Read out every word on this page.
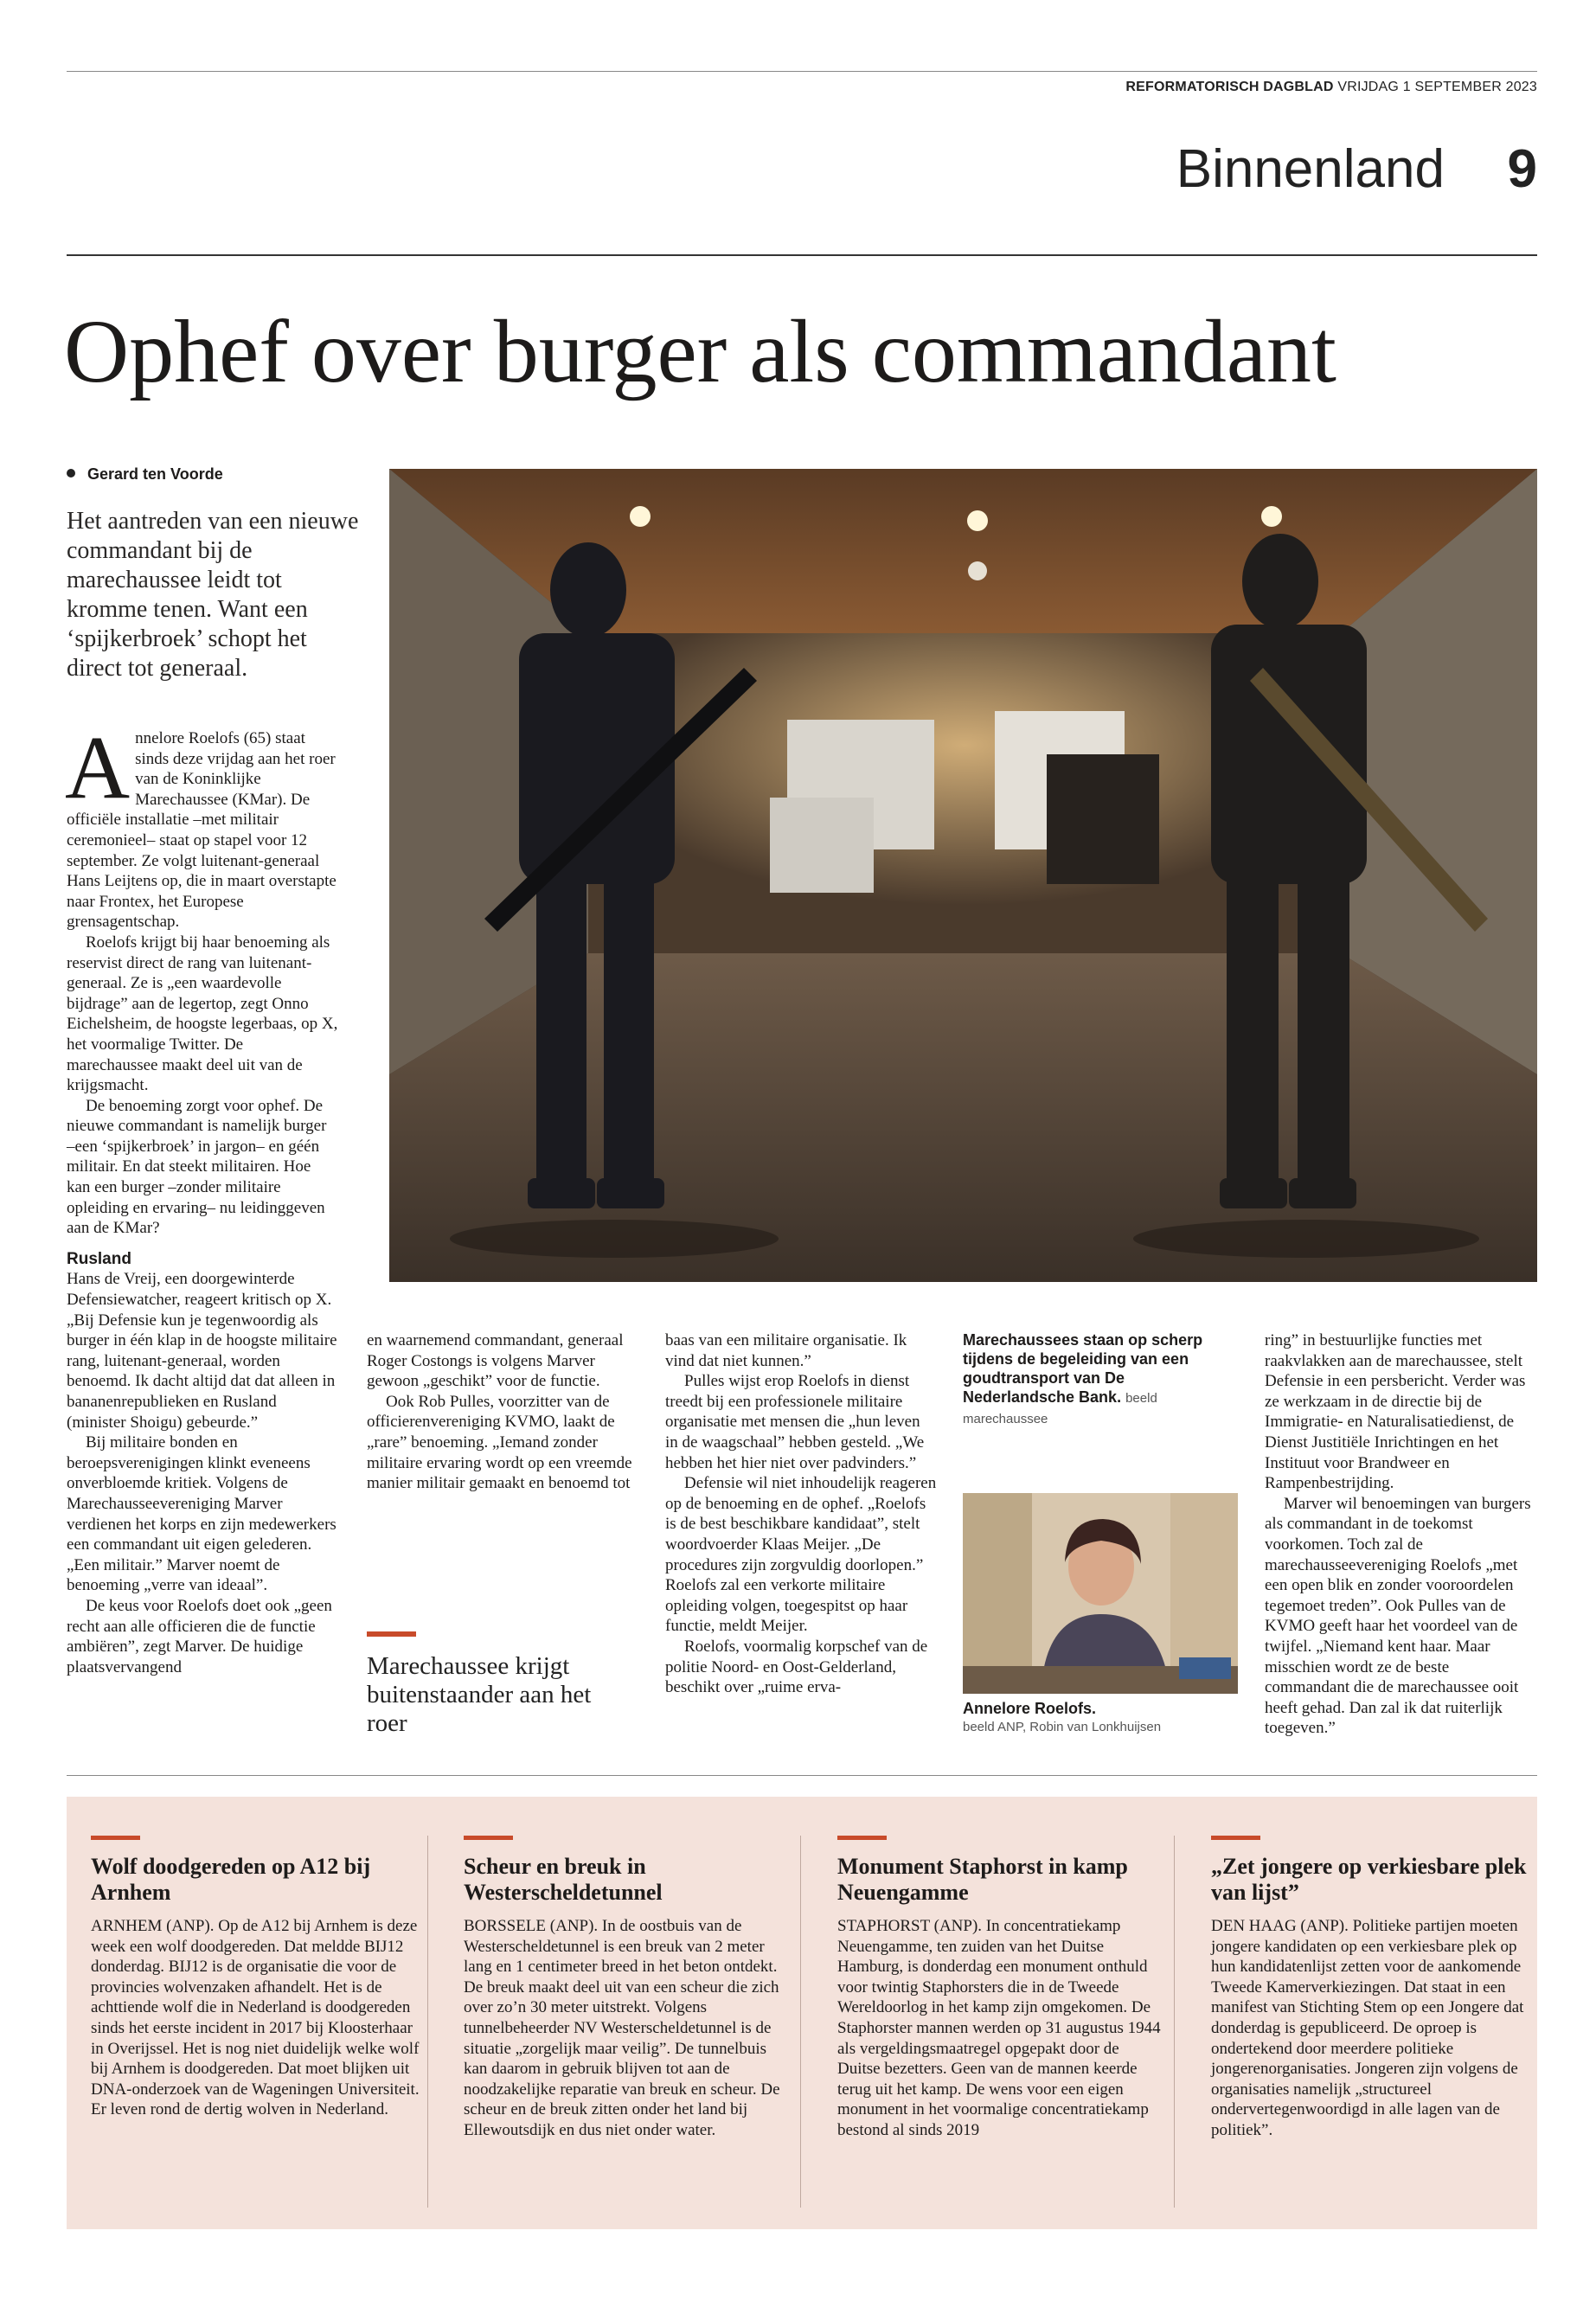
REFORMATORISCH DAGBLAD VRIJDAG 1 SEPTEMBER 2023
Binnenland 9
Ophef over burger als commandant
Gerard ten Voorde
Het aantreden van een nieuwe commandant bij de marechaussee leidt tot kromme tenen. Want een ‘spijkerbroek’ schopt het direct tot generaal.

Annelore Roelofs (65) staat sinds deze vrijdag aan het roer van de Koninklijke Marechaussee (KMar). De officiële installatie –met militair ceremonieel– staat op stapel voor 12 september. Ze volgt luitenant-generaal Hans Leijtens op, die in maart overstapte naar Frontex, het Europese grensagentschap.

Roelofs krijgt bij haar benoeming als reservist direct de rang van luitenant-generaal. Ze is „een waardevolle bijdrage” aan de legertop, zegt Onno Eichelsheim, de hoogste legerbaas, op X, het voormalige Twitter. De marechaussee maakt deel uit van de krijgsmacht.

De benoeming zorgt voor ophef. De nieuwe commandant is namelijk burger –een ‘spijkerbroek’ in jargon– en géén militair. En dat steekt militairen. Hoe kan een burger –zonder militaire opleiding en ervaring– nu leidinggeven aan de KMar?

Rusland

Hans de Vreij, een doorgewinterde Defensiewatcher, reageert kritisch op X. „Bij Defensie kun je tegenwoordig als burger in één klap in de hoogste militaire rang, luitenant-generaal, worden benoemd. Ik dacht altijd dat dat alleen in bananenrepublieken en Rusland (minister Shoigu) gebeurde.”

Bij militaire bonden en beroepsverenigingen klinkt eveneens onverbloemde kritiek. Volgens de Marechausseevereniging Marver verdienen het korps en zijn medewerkers een commandant uit eigen gelederen. „Een militair.” Marver noemt de benoeming „verre van ideaal”.

De keus voor Roelofs doet ook „geen recht aan alle officieren die de functie ambiëren”, zegt Marver. De huidige plaatsvervangend

en waarnemend commandant, generaal Roger Costongs is volgens Marver gewoon „geschikt” voor de functie.

Ook Rob Pulles, voorzitter van de officierenvereniging KVMO, laakt de „rare” benoeming. „Iemand zonder militaire ervaring wordt op een vreemde manier militair gemaakt en benoemd tot

Marechaussee krijgt buitenstaander aan het roer

baas van een militaire organisatie. Ik vind dat niet kunnen.”

Pulles wijst erop Roelofs in dienst treedt bij een professionele militaire organisatie met mensen die „hun leven in de waagschaal” hebben gesteld. „We hebben het hier niet over padvinders.”

Defensie wil niet inhoudelijk reageren op de benoeming en de ophef. „Roelofs is de best beschikbare kandidaat”, stelt woordvoerder Klaas Meijer. „De procedures zijn zorgvuldig doorlopen.” Roelofs zal een verkorte militaire opleiding volgen, toegespitst op haar functie, meldt Meijer.

Roelofs, voormalig korpschef van de politie Noord- en Oost-Gelderland, beschikt over „ruime erva-

Marechaussees staan op scherp tijdens de begeleiding van een goudtransport van De Nederlandsche Bank. beeld marechaussee
Annelore Roelofs.
beeld ANP, Robin van Lonkhuijsen

ring” in bestuurlijke functies met raakvlakken aan de marechaussee, stelt Defensie in een persbericht. Verder was ze werkzaam in de directie bij de Immigratie- en Naturalisatiedienst, de Dienst Justitiële Inrichtingen en het Instituut voor Brandweer en Rampenbestrijding.

Marver wil benoemingen van burgers als commandant in de toekomst voorkomen. Toch zal de marechausseevereniging Roelofs „met een open blik en zonder vooroordelen tegemoet treden”. Ook Pulles van de KVMO geeft haar het voordeel van de twijfel. „Niemand kent haar. Maar misschien wordt ze de beste commandant die de marechaussee ooit heeft gehad. Dan zal ik dat ruiterlijk toegeven.”

Wolf doodgereden op A12 bij Arnhem
ARNHEM (ANP). Op de A12 bij Arnhem is deze week een wolf doodgereden. Dat meldde BIJ12 donderdag. BIJ12 is de organisatie die voor de provincies wolvenzaken afhandelt. Het is de achttiende wolf die in Nederland is doodgereden sinds het eerste incident in 2017 bij Kloosterhaar in Overijssel. Het is nog niet duidelijk welke wolf bij Arnhem is doodgereden. Dat moet blijken uit DNA-onderzoek van de Wageningen Universiteit. Er leven rond de dertig wolven in Nederland.
Scheur en breuk in Westerscheldetunnel
BORSSELE (ANP). In de oostbuis van de Westerscheldetunnel is een breuk van 2 meter lang en 1 centimeter breed in het beton ontdekt. De breuk maakt deel uit van een scheur die zich over zo’n 30 meter uitstrekt. Volgens tunnelbeheerder NV Westerscheldetunnel is de situatie „zorgelijk maar veilig”. De tunnelbuis kan daarom in gebruik blijven tot aan de noodzakelijke reparatie van breuk en scheur. De scheur en de breuk zitten onder het land bij Ellewoutsdijk en dus niet onder water.
Monument Staphorst in kamp Neuengamme
STAPHORST (ANP). In concentratiekamp Neuengamme, ten zuiden van het Duitse Hamburg, is donderdag een monument onthuld voor twintig Staphorsters die in de Tweede Wereldoorlog in het kamp zijn omgekomen. De Staphorster mannen werden op 31 augustus 1944 als vergeldingsmaatregel opgepakt door de Duitse bezetters. Geen van de mannen keerde terug uit het kamp. De wens voor een eigen monument in het voormalige concentratiekamp bestond al sinds 2019
„Zet jongere op verkiesbare plek van lijst”
DEN HAAG (ANP). Politieke partijen moeten jongere kandidaten op een verkiesbare plek op hun kandidatenlijst zetten voor de aankomende Tweede Kamerverkiezingen. Dat staat in een manifest van Stichting Stem op een Jongere dat donderdag is gepubliceerd. De oproep is ondertekend door meerdere politieke jongerenorganisaties. Jongeren zijn volgens de organisaties namelijk „structureel ondervertegenwoordigd in alle lagen van de politiek”.
